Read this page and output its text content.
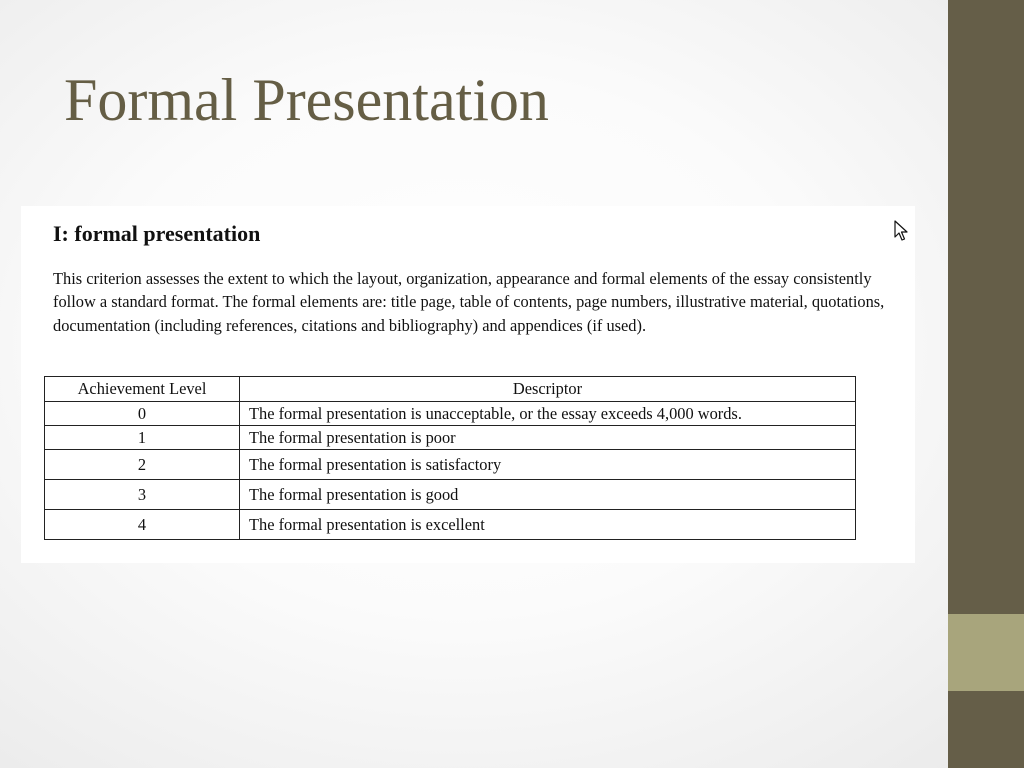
Formal Presentation
I: formal presentation

This criterion assesses the extent to which the layout, organization, appearance and formal elements of the essay consistently follow a standard format. The formal elements are: title page, table of contents, page numbers, illustrative material, quotations, documentation (including references, citations and bibliography) and appendices (if used).

Achievement Level	Descriptor
0	The formal presentation is unacceptable, or the essay exceeds 4,000 words.
1	The formal presentation is poor
2	The formal presentation is satisfactory
3	The formal presentation is good
4	The formal presentation is excellent
